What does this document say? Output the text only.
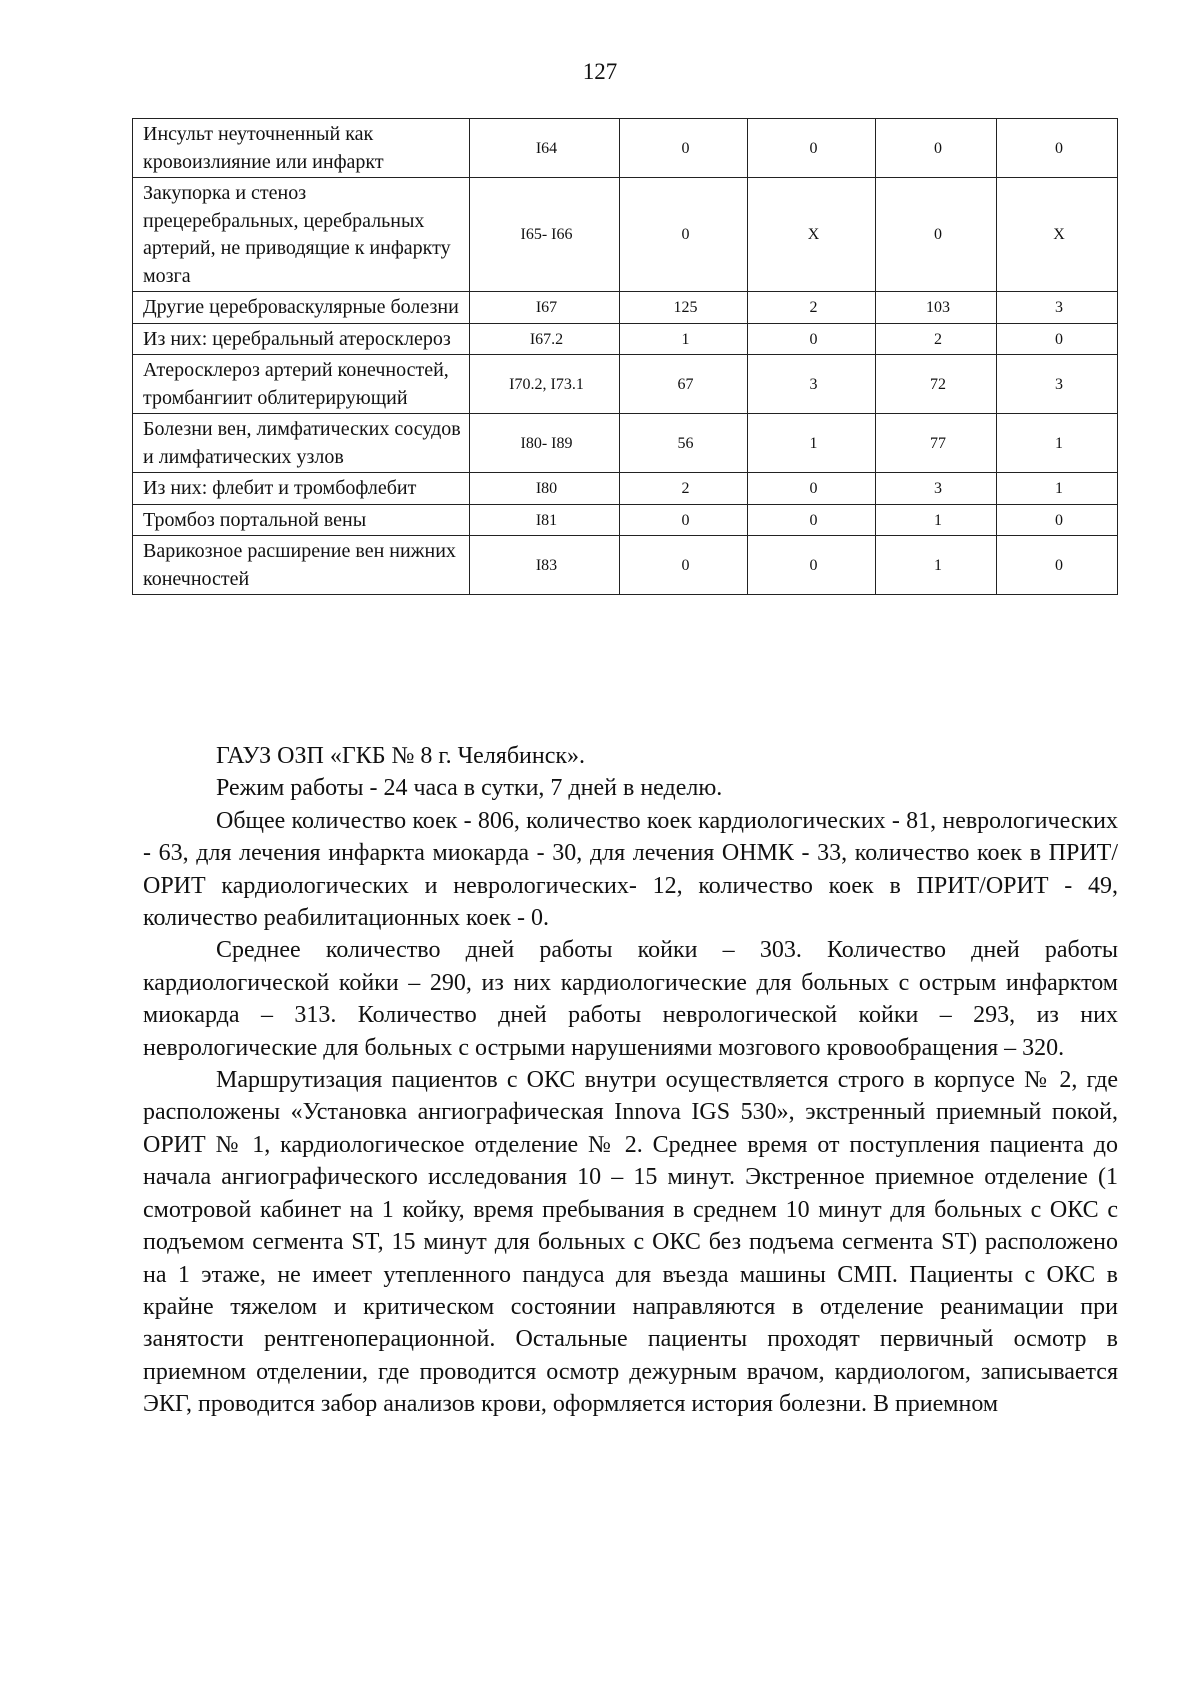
127
Инсульт неуточненный как кровоизлияние или инфаркт	I64	0	0	0	0
Закупорка и стеноз прецеребральных, церебральных артерий, не приводящие к инфаркту мозга	I65- I66	0	X	0	X
Другие цереброваскулярные болезни	I67	125	2	103	3
Из них: церебральный атеросклероз	I67.2	1	0	2	0
Атеросклероз артерий конечностей, тромбангиит облитерирующий	I70.2, I73.1	67	3	72	3
Болезни вен, лимфатических сосудов и лимфатических узлов	I80- I89	56	1	77	1
Из них: флебит и тромбофлебит	I80	2	0	3	1
Тромбоз портальной вены	I81	0	0	1	0
Варикозное расширение вен нижних конечностей	I83	0	0	1	0

ГАУЗ ОЗП «ГКБ № 8 г. Челябинск».

Режим работы - 24 часа в сутки, 7 дней в неделю.

Общее количество коек - 806, количество коек кардиологических - 81, неврологических - 63, для лечения инфаркта миокарда - 30, для лечения ОНМК - 33, количество коек в ПРИТ/ОРИТ кардиологических и неврологических- 12, количество коек в ПРИТ/ОРИТ - 49, количество реабилитационных коек - 0.

Среднее количество дней работы койки – 303. Количество дней работы кардиологической койки – 290, из них кардиологические для больных с острым инфарктом миокарда – 313. Количество дней работы неврологической койки – 293, из них неврологические для больных с острыми нарушениями мозгового кровообращения – 320.

Маршрутизация пациентов с ОКС внутри осуществляется строго в корпусе № 2, где расположены «Установка ангиографическая Innova IGS 530», экстренный приемный покой, ОРИТ № 1, кардиологическое отделение № 2. Среднее время от поступления пациента до начала ангиографического исследования 10 – 15 минут. Экстренное приемное отделение (1 смотровой кабинет на 1 койку, время пребывания в среднем 10 минут для больных с ОКС с подъемом сегмента ST, 15 минут для больных с ОКС без подъема сегмента ST) расположено на 1 этаже, не имеет утепленного пандуса для въезда машины СМП. Пациенты с ОКС в крайне тяжелом и критическом состоянии направляются в отделение реанимации при занятости рентгеноперационной. Остальные пациенты проходят первичный осмотр в приемном отделении, где проводится осмотр дежурным врачом, кардиологом, записывается ЭКГ, проводится забор анализов крови, оформляется история болезни. В приемном
